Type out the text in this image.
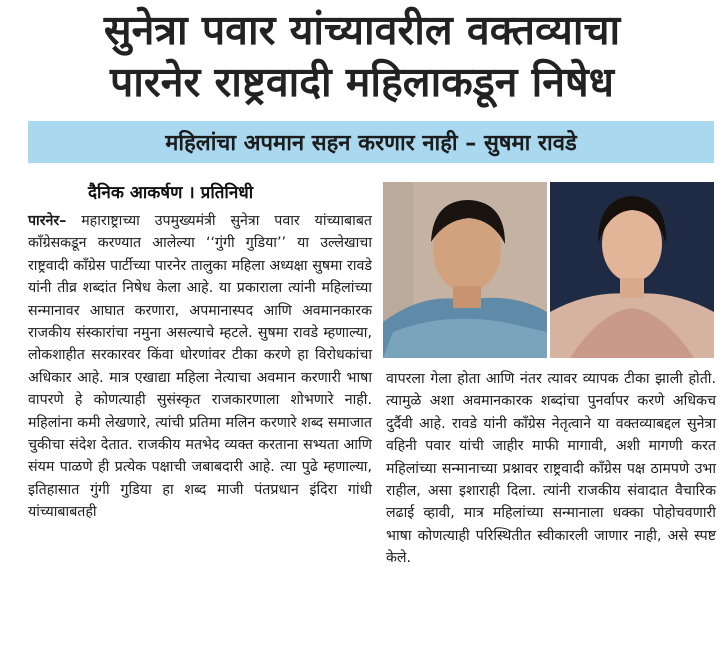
सुनेत्रा पवार यांच्यावरील वक्तव्याचा
पारनेर राष्ट्रवादी महिलाकडून निषेध
महिलांचा अपमान सहन करणार नाही – सुषमा रावडे
दैनिक आकर्षण । प्रतिनिधी
पारनेर– महाराष्ट्राच्या उपमुख्यमंत्री सुनेत्रा पवार यांच्याबाबत काँग्रेसकडून करण्यात आलेल्या ‘‘गुंगी गुडिया’’ या उल्लेखाचा राष्ट्रवादी काँग्रेस पार्टीच्या पारनेर तालुका महिला अध्यक्षा सुषमा रावडे यांनी तीव्र शब्दांत निषेध केला आहे. या प्रकाराला त्यांनी महिलांच्या सन्मानावर आघात करणारा, अपमानास्पद आणि अवमानकारक राजकीय संस्कारांचा नमुना असल्याचे म्हटले. सुषमा रावडे म्हणाल्या, लोकशाहीत सरकारवर किंवा धोरणांवर टीका करणे हा विरोधकांचा अधिकार आहे. मात्र एखाद्या महिला नेत्याचा अवमान करणारी भाषा वापरणे हे कोणत्याही सुसंस्कृत राजकारणाला शोभणारे नाही. महिलांना कमी लेखणारे, त्यांची प्रतिमा मलिन करणारे शब्द समाजात चुकीचा संदेश देतात. राजकीय मतभेद व्यक्त करताना सभ्यता आणि संयम पाळणे ही प्रत्येक पक्षाची जबाबदारी आहे. त्या पुढे म्हणाल्या, इतिहासात गुंगी गुडिया हा शब्द माजी पंतप्रधान इंदिरा गांधी यांच्याबाबतही
वापरला गेला होता आणि नंतर त्यावर व्यापक टीका झाली होती. त्यामुळे अशा अवमानकारक शब्दांचा पुनर्वापर करणे अधिकच दुर्दैवी आहे. रावडे यांनी काँग्रेस नेतृत्वाने या वक्तव्याबद्दल सुनेत्रा वहिनी पवार यांची जाहीर माफी मागावी, अशी मागणी करत महिलांच्या सन्मानाच्या प्रश्नावर राष्ट्रवादी काँग्रेस पक्ष ठामपणे उभा राहील, असा इशाराही दिला. त्यांनी राजकीय संवादात वैचारिक लढाई व्हावी, मात्र महिलांच्या सन्मानाला धक्का पोहोचवणारी भाषा कोणत्याही परिस्थितीत स्वीकारली जाणार नाही, असे स्पष्ट केले.
